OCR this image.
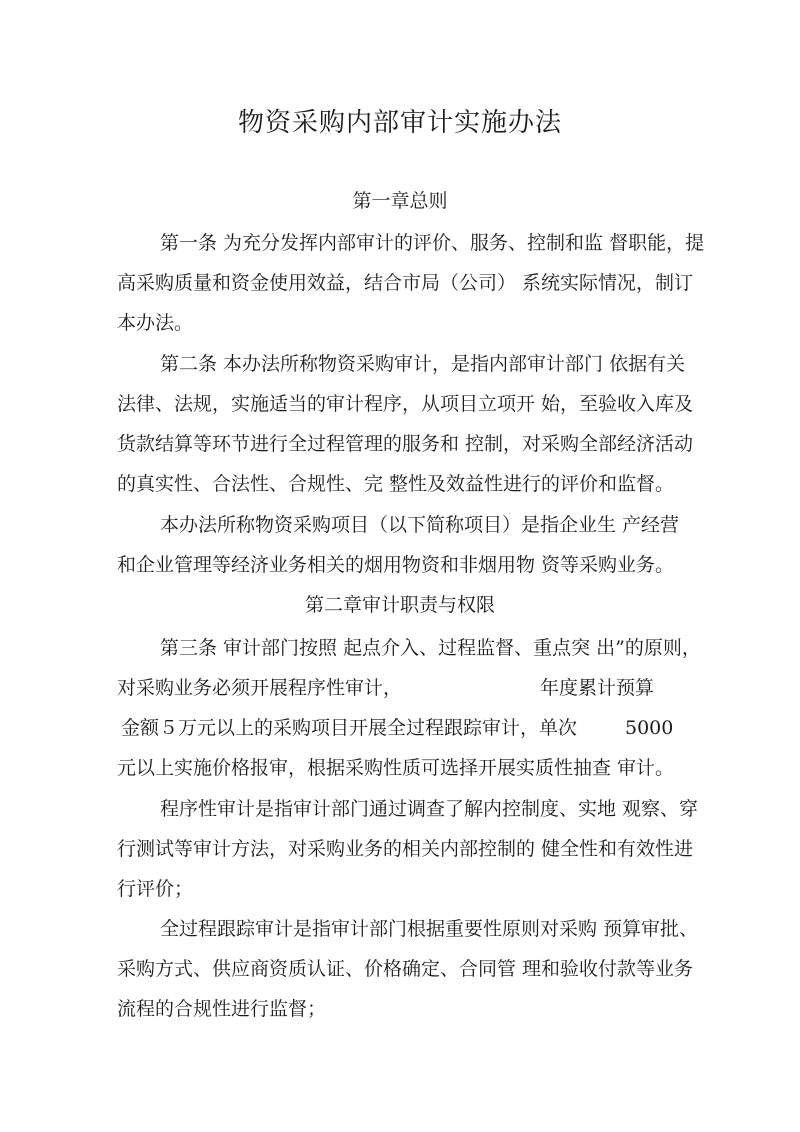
物资采购内部审计实施办法
第一章总则
第一条 为充分发挥内部审计的评价、服务、控制和监 督职能，提
高采购质量和资金使用效益，结合市局（公司） 系统实际情况，制订
本办法。
第二条 本办法所称物资采购审计，是指内部审计部门 依据有关
法律、法规，实施适当的审计程序，从项目立项开 始，至验收入库及
货款结算等环节进行全过程管理的服务和 控制，对采购全部经济活动
的真实性、合法性、合规性、完 整性及效益性进行的评价和监督。
本办法所称物资采购项目（以下简称项目）是指企业生 产经营
和企业管理等经济业务相关的烟用物资和非烟用物 资等采购业务。
第二章审计职责与权限
第三条 审计部门按照 起点介入、过程监督、重点突 出”的原则，
对采购业务必须开展程序性审计，	年度累计预算
金额５万元以上的采购项目开展全过程跟踪审计，单次	5000
元以上实施价格报审，根据采购性质可选择开展实质性抽查 审计。
程序性审计是指审计部门通过调查了解内控制度、实地 观察、穿
行测试等审计方法，对采购业务的相关内部控制的 健全性和有效性进
行评价；
全过程跟踪审计是指审计部门根据重要性原则对采购 预算审批、
采购方式、供应商资质认证、价格确定、合同管 理和验收付款等业务
流程的合规性进行监督；
